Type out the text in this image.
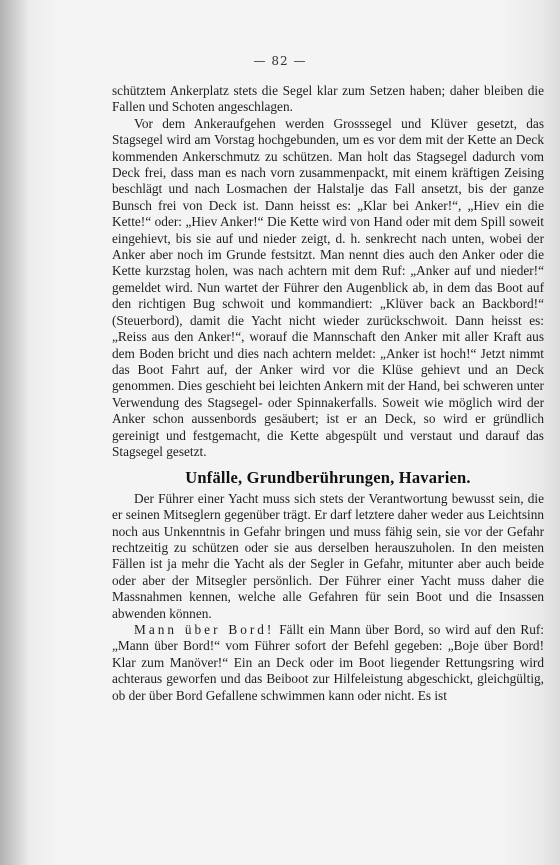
— 82 —

schütztem Ankerplatz stets die Segel klar zum Setzen haben; daher bleiben die Fallen und Schoten angeschlagen.

Vor dem Ankeraufgehen werden Grosssegel und Klüver gesetzt, das Stagsegel wird am Vorstag hochgebunden, um es vor dem mit der Kette an Deck kommenden Ankerschmutz zu schützen. Man holt das Stagsegel dadurch vom Deck frei, dass man es nach vorn zusammenpackt, mit einem kräftigen Zeising beschlägt und nach Losmachen der Halstalje das Fall ansetzt, bis der ganze Bunsch frei von Deck ist. Dann heisst es: „Klar bei Anker!“, „Hiev ein die Kette!“ oder: „Hiev Anker!“ Die Kette wird von Hand oder mit dem Spill soweit eingehievt, bis sie auf und nieder zeigt, d. h. senkrecht nach unten, wobei der Anker aber noch im Grunde festsitzt. Man nennt dies auch den Anker oder die Kette kurzstag holen, was nach achtern mit dem Ruf: „Anker auf und nieder!“ gemeldet wird. Nun wartet der Führer den Augenblick ab, in dem das Boot auf den richtigen Bug schwoit und kommandiert: „Klüver back an Backbord!“ (Steuerbord), damit die Yacht nicht wieder zurückschwoit. Dann heisst es: „Reiss aus den Anker!“, worauf die Mannschaft den Anker mit aller Kraft aus dem Boden bricht und dies nach achtern meldet: „Anker ist hoch!“ Jetzt nimmt das Boot Fahrt auf, der Anker wird vor die Klüse gehievt und an Deck genommen. Dies geschieht bei leichten Ankern mit der Hand, bei schweren unter Verwendung des Stagsegel- oder Spinnakerfalls. Soweit wie möglich wird der Anker schon aussenbords gesäubert; ist er an Deck, so wird er gründlich gereinigt und festgemacht, die Kette abgespült und verstaut und darauf das Stagsegel gesetzt.

Unfälle, Grundberührungen, Havarien.

Der Führer einer Yacht muss sich stets der Verantwortung bewusst sein, die er seinen Mitseglern gegenüber trägt. Er darf letztere daher weder aus Leichtsinn noch aus Unkenntnis in Gefahr bringen und muss fähig sein, sie vor der Gefahr rechtzeitig zu schützen oder sie aus derselben herauszuholen. In den meisten Fällen ist ja mehr die Yacht als der Segler in Gefahr, mitunter aber auch beide oder aber der Mitsegler persönlich. Der Führer einer Yacht muss daher die Massnahmen kennen, welche alle Gefahren für sein Boot und die Insassen abwenden können.

Mann über Bord! Fällt ein Mann über Bord, so wird auf den Ruf: „Mann über Bord!“ vom Führer sofort der Befehl gegeben: „Boje über Bord! Klar zum Manöver!“ Ein an Deck oder im Boot liegender Rettungsring wird achteraus geworfen und das Beiboot zur Hilfeleistung abgeschickt, gleichgültig, ob der über Bord Gefallene schwimmen kann oder nicht. Es ist
